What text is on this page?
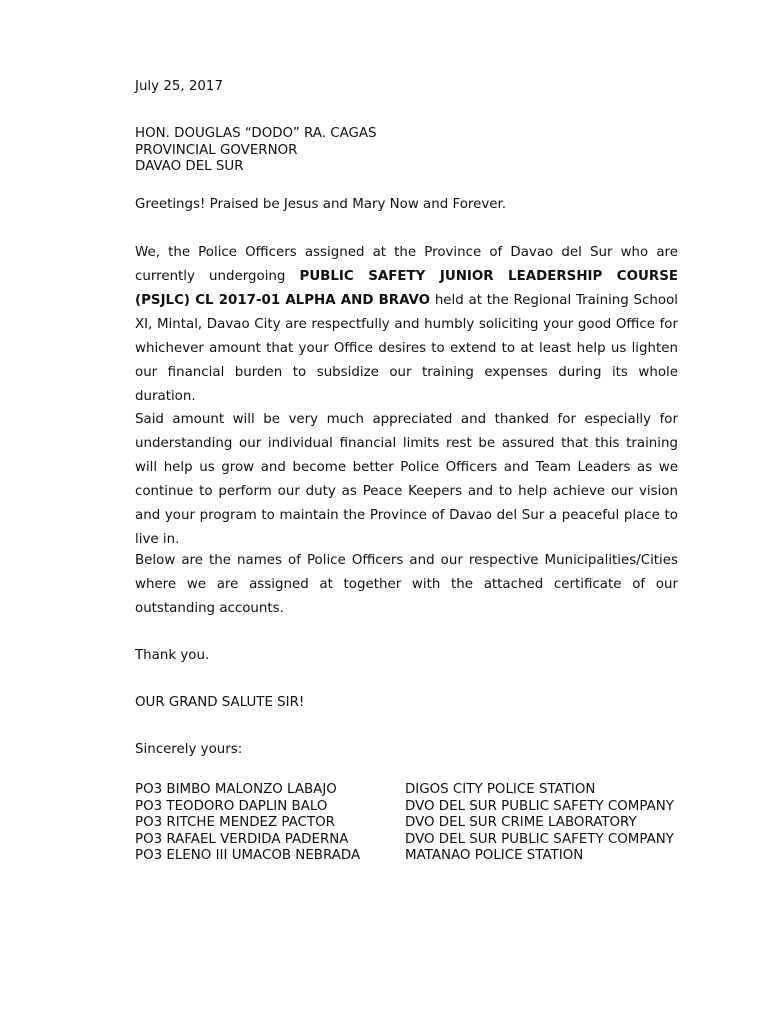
July 25, 2017
HON. DOUGLAS “DODO” RA. CAGAS
PROVINCIAL GOVERNOR
DAVAO DEL SUR
Greetings! Praised be Jesus and Mary Now and Forever.
We, the Police Officers assigned at the Province of Davao del Sur who are currently undergoing PUBLIC SAFETY JUNIOR LEADERSHIP COURSE (PSJLC) CL 2017-01 ALPHA AND BRAVO held at the Regional Training School XI, Mintal, Davao City are respectfully and humbly soliciting your good Office for whichever amount that your Office desires to extend to at least help us lighten our financial burden to subsidize our training expenses during its whole duration.
Said amount will be very much appreciated and thanked for especially for understanding our individual financial limits rest be assured that this training will help us grow and become better Police Officers and Team Leaders as we continue to perform our duty as Peace Keepers and to help achieve our vision and your program to maintain the Province of Davao del Sur a peaceful place to live in.
Below are the names of Police Officers and our respective Municipalities/Cities where we are assigned at together with the attached certificate of our outstanding accounts.
Thank you.
OUR GRAND SALUTE SIR!
Sincerely yours:
PO3 BIMBO MALONZO LABAJO	DIGOS CITY POLICE STATION
PO3 TEODORO DAPLIN BALO	DVO DEL SUR PUBLIC SAFETY COMPANY
PO3 RITCHE MENDEZ PACTOR	DVO DEL SUR CRIME LABORATORY
PO3 RAFAEL VERDIDA PADERNA	DVO DEL SUR PUBLIC SAFETY COMPANY
PO3 ELENO III UMACOB NEBRADA	MATANAO POLICE STATION
